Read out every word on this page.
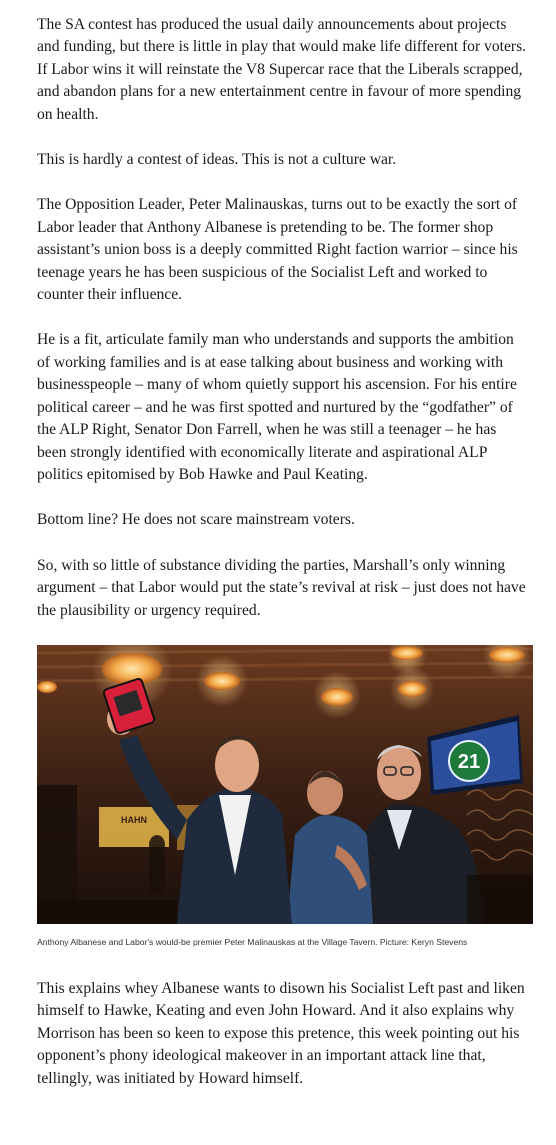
The SA contest has produced the usual daily announcements about projects and funding, but there is little in play that would make life different for voters. If Labor wins it will reinstate the V8 Supercar race that the Liberals scrapped, and abandon plans for a new entertainment centre in favour of more spending on health.

This is hardly a contest of ideas. This is not a culture war.

The Opposition Leader, Peter Malinauskas, turns out to be exactly the sort of Labor leader that Anthony Albanese is pretending to be. The former shop assistant’s union boss is a deeply committed Right faction warrior – since his teenage years he has been suspicious of the Socialist Left and worked to counter their influence.

He is a fit, articulate family man who understands and supports the ambition of working families and is at ease talking about business and working with businesspeople – many of whom quietly support his ascension. For his entire political career – and he was first spotted and nurtured by the “godfather” of the ALP Right, Senator Don Farrell, when he was still a teenager – he has been strongly identified with economically literate and aspirational ALP politics epitomised by Bob Hawke and Paul Keating.

Bottom line? He does not scare mainstream voters.

So, with so little of substance dividing the parties, Marshall’s only winning argument – that Labor would put the state’s revival at risk – just does not have the plausibility or urgency required.

21
HAHN
Anthony Albanese and Labor's would-be premier Peter Malinauskas at the Village Tavern. Picture: Keryn Stevens

This explains whey Albanese wants to disown his Socialist Left past and liken himself to Hawke, Keating and even John Howard. And it also explains why Morrison has been so keen to expose this pretence, this week pointing out his opponent’s phony ideological makeover in an important attack line that, tellingly, was initiated by Howard himself.
